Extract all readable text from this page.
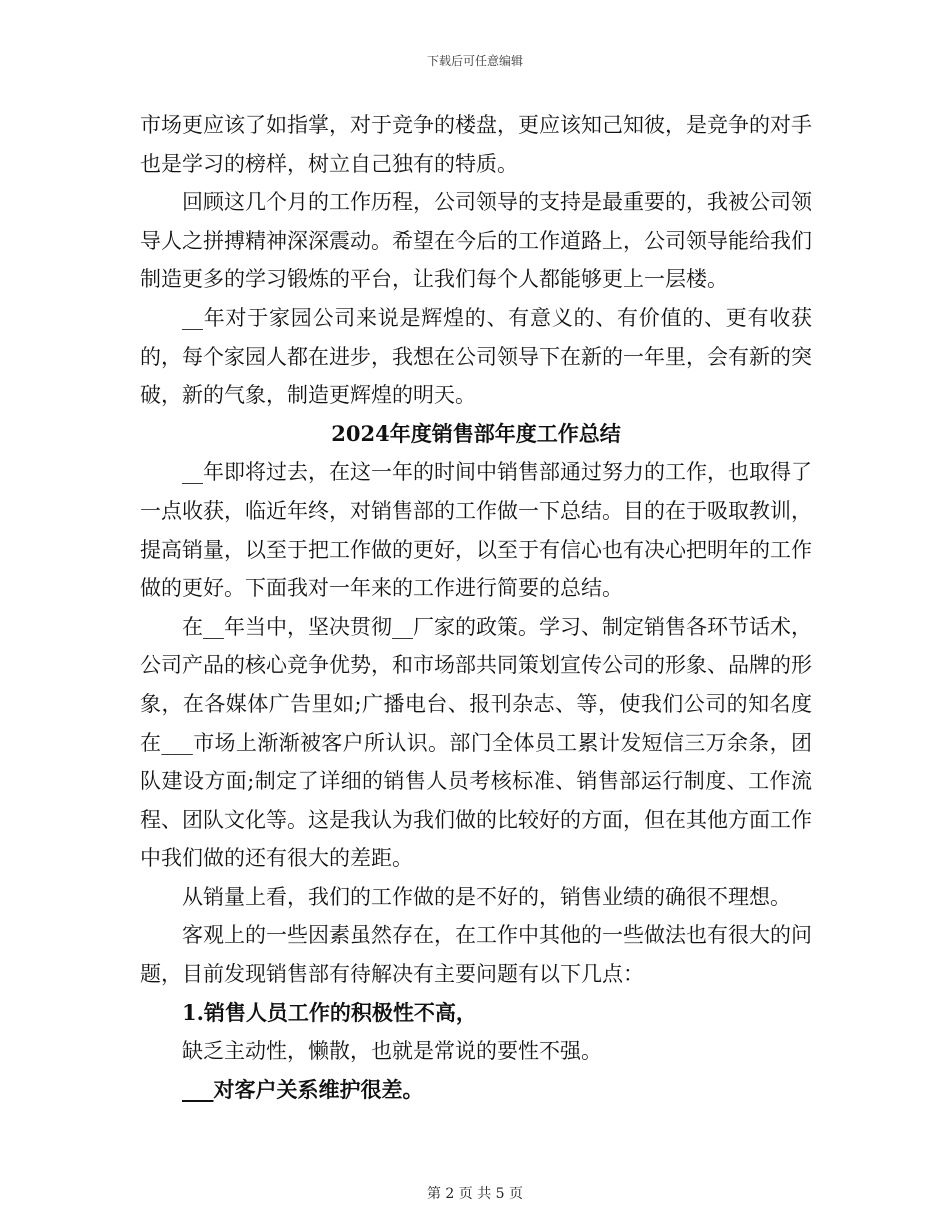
下载后可任意编辑

市场更应该了如指掌，对于竞争的楼盘，更应该知己知彼，是竞争的对手也是学习的榜样，树立自己独有的特质。

回顾这几个月的工作历程，公司领导的支持是最重要的，我被公司领导人之拼搏精神深深震动。希望在今后的工作道路上，公司领导能给我们制造更多的学习锻炼的平台，让我们每个人都能够更上一层楼。

__年对于家园公司来说是辉煌的、有意义的、有价值的、更有收获的，每个家园人都在进步，我想在公司领导下在新的一年里，会有新的突破，新的气象，制造更辉煌的明天。

2024年度销售部年度工作总结

__年即将过去，在这一年的时间中销售部通过努力的工作，也取得了一点收获，临近年终，对销售部的工作做一下总结。目的在于吸取教训，提高销量，以至于把工作做的更好，以至于有信心也有决心把明年的工作做的更好。下面我对一年来的工作进行简要的总结。

在__年当中，坚决贯彻__厂家的政策。学习、制定销售各环节话术，公司产品的核心竞争优势，和市场部共同策划宣传公司的形象、品牌的形象，在各媒体广告里如;广播电台、报刊杂志、等，使我们公司的知名度在___市场上渐渐被客户所认识。部门全体员工累计发短信三万余条，团队建设方面;制定了详细的销售人员考核标准、销售部运行制度、工作流程、团队文化等。这是我认为我们做的比较好的方面，但在其他方面工作中我们做的还有很大的差距。

从销量上看，我们的工作做的是不好的，销售业绩的确很不理想。

客观上的一些因素虽然存在，在工作中其他的一些做法也有很大的问题，目前发现销售部有待解决有主要问题有以下几点：

1.销售人员工作的积极性不高，

缺乏主动性，懒散，也就是常说的要性不强。

___对客户关系维护很差。

第 2 页 共 5 页
